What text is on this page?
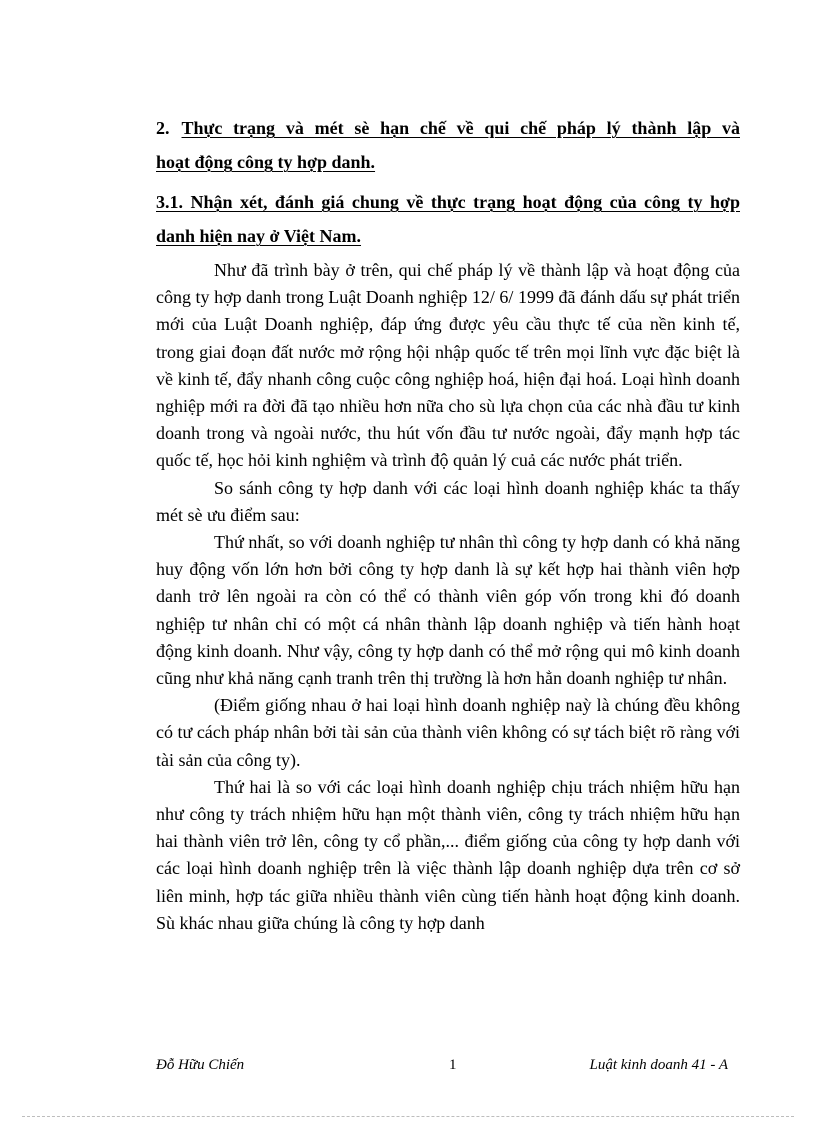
2. Thực trạng và mét sè hạn chế về qui chế pháp lý thành lập và

hoạt động công ty hợp danh.

3.1. Nhận xét, đánh giá chung về thực trạng hoạt động của công ty hợp

danh hiện nay ở Việt Nam.

Như đã trình bày ở trên, qui chế pháp lý về thành lập và hoạt động của công ty hợp danh trong Luật Doanh nghiệp 12/ 6/ 1999 đã đánh dấu sự phát triển mới của Luật Doanh nghiệp, đáp ứng được yêu cầu thực tế của nền kinh tế, trong giai đoạn đất nước mở rộng hội nhập quốc tế trên mọi lĩnh vực đặc biệt là về kinh tế, đẩy nhanh công cuộc công nghiệp hoá, hiện đại hoá. Loại hình doanh nghiệp mới ra đời đã tạo nhiều hơn nữa cho sù lựa chọn của các nhà đầu tư kinh doanh trong và ngoài nước, thu hút vốn đầu tư nước ngoài, đẩy mạnh hợp tác quốc tế, học hỏi kinh nghiệm và trình độ quản lý cuả các nước phát triển.

So sánh công ty hợp danh với các loại hình doanh nghiệp khác ta thấy mét sè ưu điểm sau:

Thứ nhất, so với doanh nghiệp tư nhân thì công ty hợp danh có khả năng huy động vốn lớn hơn bởi công ty hợp danh là sự kết hợp hai thành viên hợp danh trở lên ngoài ra còn có thể có thành viên góp vốn trong khi đó doanh nghiệp tư nhân chỉ có một cá nhân thành lập doanh nghiệp và tiến hành hoạt động kinh doanh. Như vậy, công ty hợp danh có thể mở rộng qui mô kinh doanh cũng như khả năng cạnh tranh trên thị trường là hơn hẳn doanh nghiệp tư nhân.

(Điểm giống nhau ở hai loại hình doanh nghiệp naỳ là chúng đều không có tư cách pháp nhân bởi tài sản của thành viên không có sự tách biệt rõ ràng với tài sản của công ty).

Thứ hai là so với các loại hình doanh nghiệp chịu trách nhiệm hữu hạn như công ty trách nhiệm hữu hạn một thành viên, công ty trách nhiệm hữu hạn hai thành viên trở lên, công ty cổ phần,... điểm giống của công ty hợp danh với các loại hình doanh nghiệp trên là việc thành lập doanh nghiệp dựa trên cơ sở liên minh, hợp tác giữa nhiều thành viên cùng tiến hành hoạt động kinh doanh. Sù khác nhau giữa chúng là công ty hợp danh

Đỗ Hữu Chiến	1	Luật kinh doanh 41 - A
